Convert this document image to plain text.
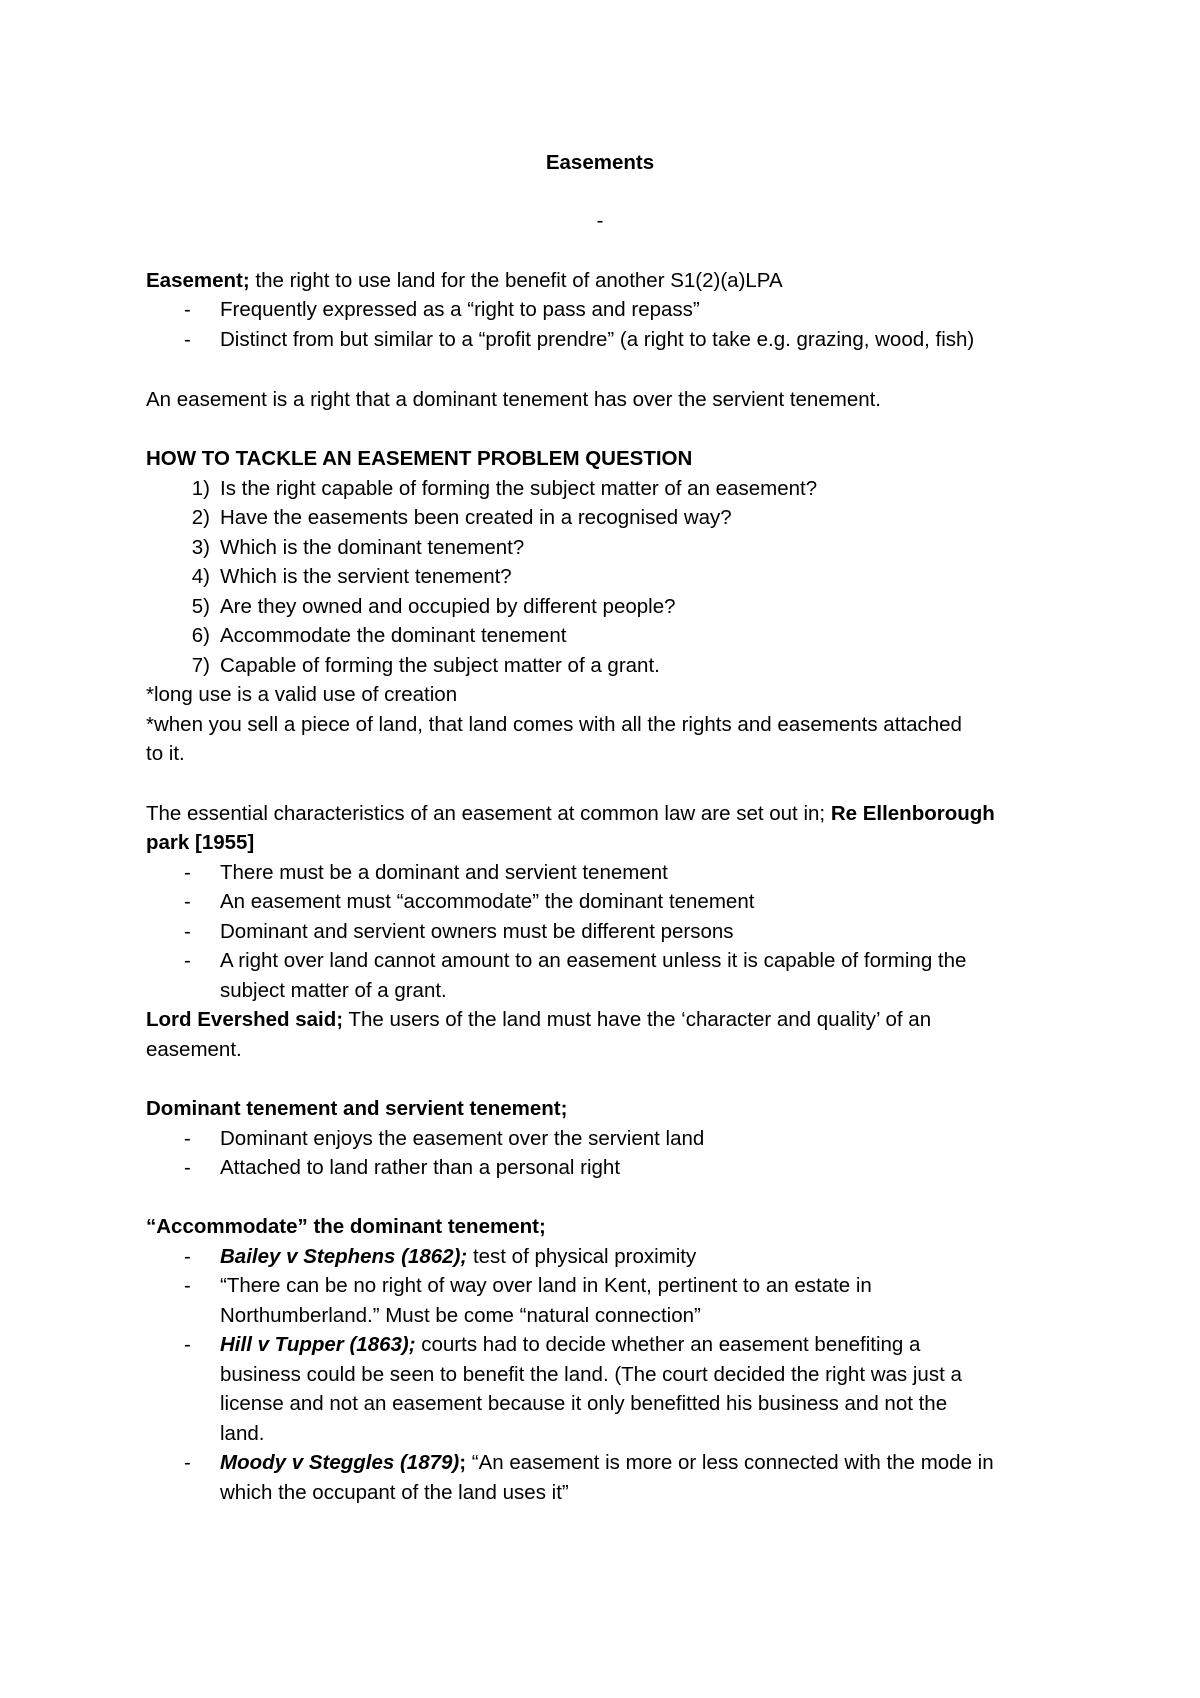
Easements
-
Easement; the right to use land for the benefit of another S1(2)(a)LPA
- Frequently expressed as a “right to pass and repass”
- Distinct from but similar to a “profit prendre” (a right to take e.g. grazing, wood, fish)
An easement is a right that a dominant tenement has over the servient tenement.
HOW TO TACKLE AN EASEMENT PROBLEM QUESTION
1) Is the right capable of forming the subject matter of an easement?
2) Have the easements been created in a recognised way?
3) Which is the dominant tenement?
4) Which is the servient tenement?
5) Are they owned and occupied by different people?
6) Accommodate the dominant tenement
7) Capable of forming the subject matter of a grant.
*long use is a valid use of creation
*when you sell a piece of land, that land comes with all the rights and easements attached
to it.
The essential characteristics of an easement at common law are set out in; Re Ellenborough
park [1955]
- There must be a dominant and servient tenement
- An easement must “accommodate” the dominant tenement
- Dominant and servient owners must be different persons
- A right over land cannot amount to an easement unless it is capable of forming the
subject matter of a grant.
Lord Evershed said; The users of the land must have the ‘character and quality’ of an
easement.
Dominant tenement and servient tenement;
- Dominant enjoys the easement over the servient land
- Attached to land rather than a personal right
“Accommodate” the dominant tenement;
- Bailey v Stephens (1862); test of physical proximity
- “There can be no right of way over land in Kent, pertinent to an estate in
Northumberland.” Must be come “natural connection”
- Hill v Tupper (1863); courts had to decide whether an easement benefiting a
business could be seen to benefit the land. (The court decided the right was just a
license and not an easement because it only benefitted his business and not the
land.
- Moody v Steggles (1879); “An easement is more or less connected with the mode in
which the occupant of the land uses it”
